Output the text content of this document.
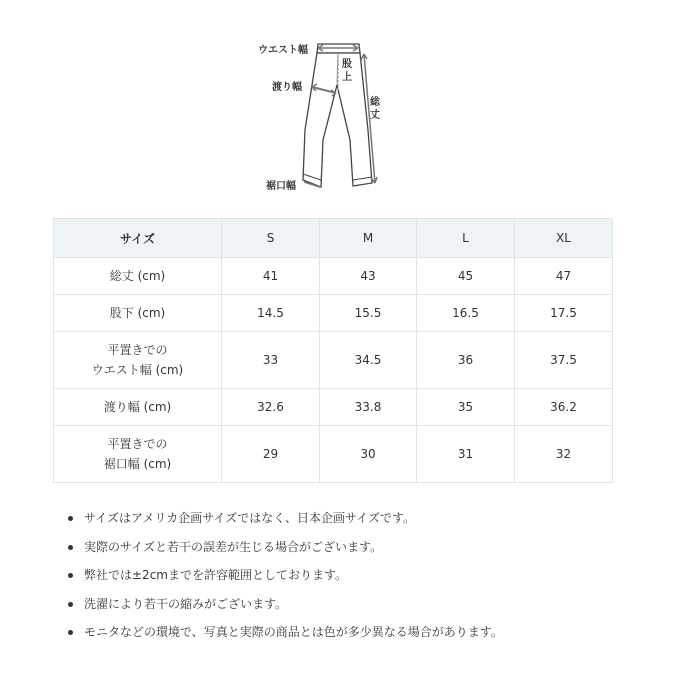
ウエスト幅
渡り幅
股上
総丈
裾口幅
サイズ	S	M	L	XL
総丈 (cm)	41	43	45	47
股下 (cm)	14.5	15.5	16.5	17.5
平置きでの
ウエスト幅 (cm)	33	34.5	36	37.5
渡り幅 (cm)	32.6	33.8	35	36.2
平置きでの
裾口幅 (cm)	29	30	31	32
サイズはアメリカ企画サイズではなく、日本企画サイズです。
実際のサイズと若干の誤差が生じる場合がございます。
弊社では±2cmまでを許容範囲としております。
洗濯により若干の縮みがございます。
モニタなどの環境で、写真と実際の商品とは色が多少異なる場合があります。
